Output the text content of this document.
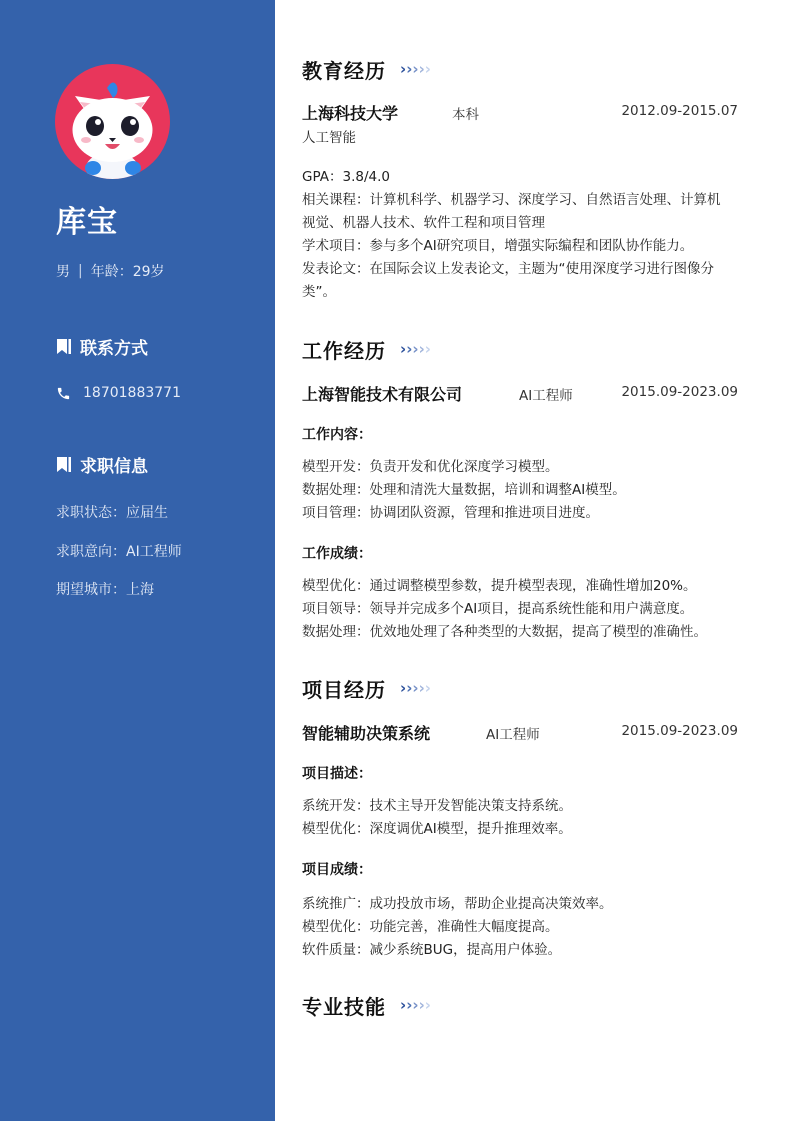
库宝
男 | 年龄：29岁
联系方式
18701883771
求职信息
求职状态：应届生
求职意向：AI工程师
期望城市：上海
教育经历 › › › › ›
上海科技大学	本科	2012.09-2015.07
人工智能
GPA：3.8/4.0
相关课程：计算机科学、机器学习、深度学习、自然语言处理、计算机
视觉、机器人技术、软件工程和项目管理
学术项目：参与多个AI研究项目，增强实际编程和团队协作能力。
发表论文：在国际会议上发表论文，主题为“使用深度学习进行图像分
类”。
工作经历 › › › › ›
上海智能技术有限公司	AI工程师	2015.09-2023.09
工作内容：
模型开发：负责开发和优化深度学习模型。
数据处理：处理和清洗大量数据，培训和调整AI模型。
项目管理：协调团队资源，管理和推进项目进度。
工作成绩：
模型优化：通过调整模型参数，提升模型表现，准确性增加20%。
项目领导：领导并完成多个AI项目，提高系统性能和用户满意度。
数据处理：优效地处理了各种类型的大数据，提高了模型的准确性。
项目经历 › › › › ›
智能辅助决策系统	AI工程师	2015.09-2023.09
项目描述：
系统开发：技术主导开发智能决策支持系统。
模型优化：深度调优AI模型，提升推理效率。
项目成绩：
系统推广：成功投放市场，帮助企业提高决策效率。
模型优化：功能完善，准确性大幅度提高。
软件质量：减少系统BUG，提高用户体验。
专业技能 › › › › ›
